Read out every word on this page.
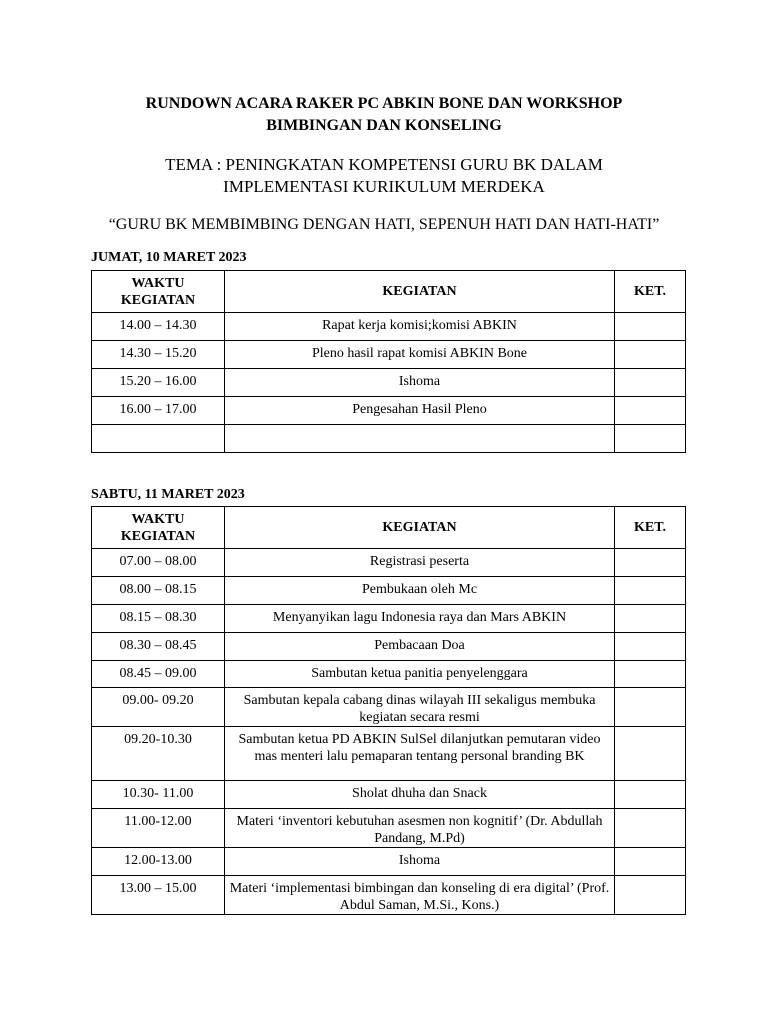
RUNDOWN ACARA RAKER PC ABKIN BONE DAN WORKSHOP
BIMBINGAN DAN KONSELING
TEMA : PENINGKATAN KOMPETENSI GURU BK DALAM
IMPLEMENTASI KURIKULUM MERDEKA
“GURU BK MEMBIMBING DENGAN HATI, SEPENUH HATI DAN HATI-HATI”
JUMAT, 10 MARET 2023
WAKTU
KEGIATAN	KEGIATAN	KET.
14.00 – 14.30	Rapat kerja komisi;komisi ABKIN	
14.30 – 15.20	Pleno hasil rapat komisi ABKIN Bone	
15.20 – 16.00	Ishoma	
16.00 – 17.00	Pengesahan Hasil Pleno	

SABTU, 11 MARET 2023
WAKTU
KEGIATAN	KEGIATAN	KET.
07.00 – 08.00	Registrasi peserta	
08.00 – 08.15	Pembukaan oleh Mc	
08.15 – 08.30	Menyanyikan lagu Indonesia raya dan Mars ABKIN	
08.30 – 08.45	Pembacaan Doa	
08.45 – 09.00	Sambutan ketua panitia penyelenggara	
09.00- 09.20	Sambutan kepala cabang dinas wilayah III sekaligus membuka kegiatan secara resmi	
09.20-10.30	Sambutan ketua PD ABKIN SulSel dilanjutkan pemutaran video mas menteri lalu pemaparan tentang personal branding BK	
10.30- 11.00	Sholat dhuha dan Snack	
11.00-12.00	Materi ‘inventori kebutuhan asesmen non kognitif’ (Dr. Abdullah Pandang, M.Pd)	
12.00-13.00	Ishoma	
13.00 – 15.00	Materi ‘implementasi bimbingan dan konseling di era digital’ (Prof. Abdul Saman, M.Si., Kons.)	
